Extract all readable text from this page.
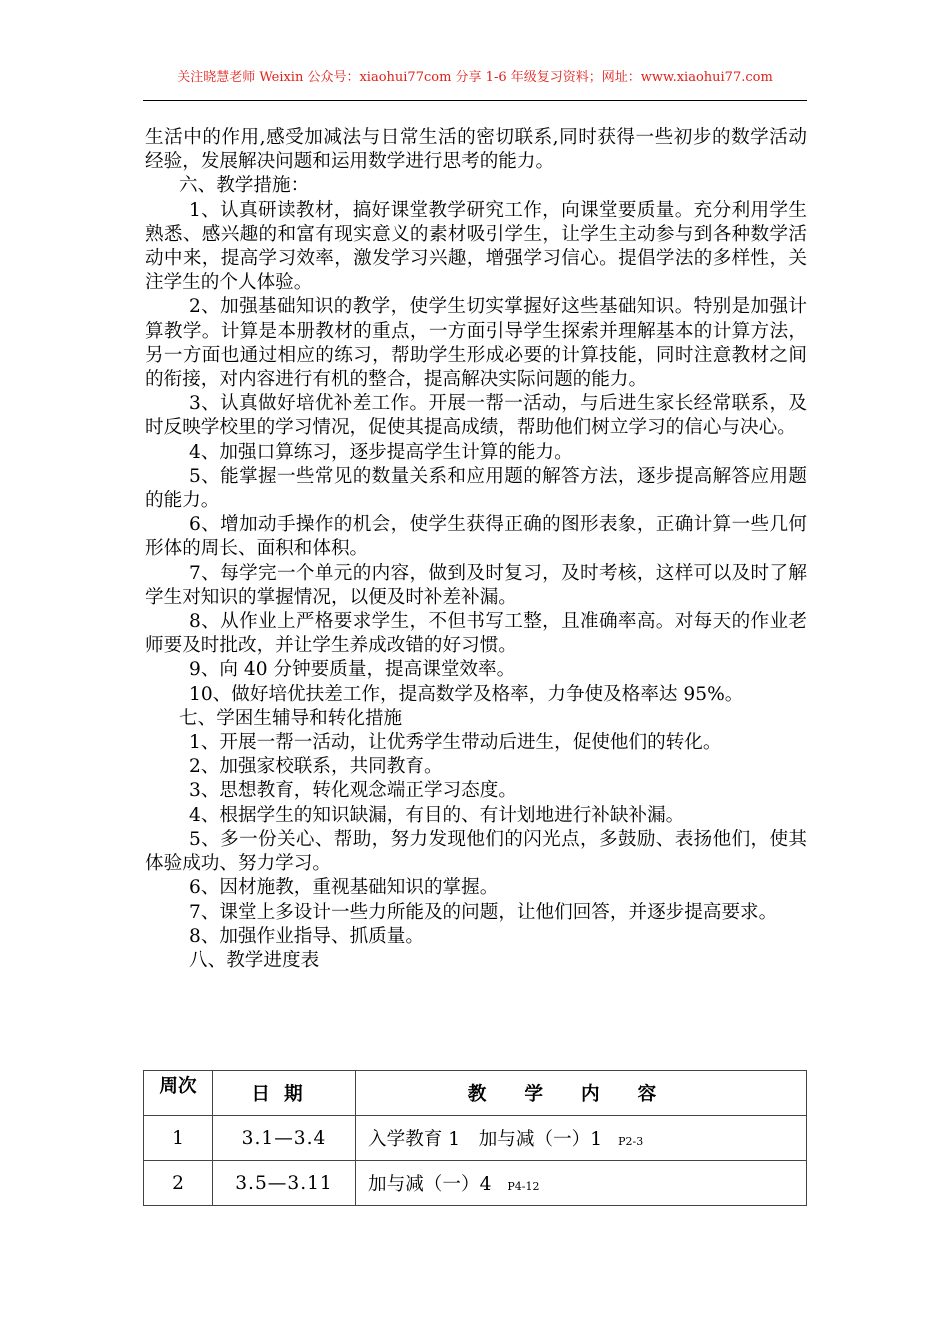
关注晓慧老师 Weixin 公众号：xiaohui77com 分享 1-6 年级复习资料；网址：www.xiaohui77.com

生活中的作用,感受加减法与日常生活的密切联系,同时获得一些初步的数学活动经验，发展解决问题和运用数学进行思考的能力。

六、教学措施：

1、认真研读教材，搞好课堂教学研究工作，向课堂要质量。充分利用学生熟悉、感兴趣的和富有现实意义的素材吸引学生，让学生主动参与到各种数学活动中来，提高学习效率，激发学习兴趣，增强学习信心。提倡学法的多样性，关注学生的个人体验。

2、加强基础知识的教学，使学生切实掌握好这些基础知识。特别是加强计算教学。计算是本册教材的重点，一方面引导学生探索并理解基本的计算方法，另一方面也通过相应的练习，帮助学生形成必要的计算技能，同时注意教材之间的衔接，对内容进行有机的整合，提高解决实际问题的能力。

3、认真做好培优补差工作。开展一帮一活动，与后进生家长经常联系，及时反映学校里的学习情况，促使其提高成绩，帮助他们树立学习的信心与决心。

4、加强口算练习，逐步提高学生计算的能力。

5、能掌握一些常见的数量关系和应用题的解答方法，逐步提高解答应用题的能力。

6、增加动手操作的机会，使学生获得正确的图形表象，正确计算一些几何形体的周长、面积和体积。

7、每学完一个单元的内容，做到及时复习，及时考核，这样可以及时了解学生对知识的掌握情况，以便及时补差补漏。

8、从作业上严格要求学生，不但书写工整，且准确率高。对每天的作业老师要及时批改，并让学生养成改错的好习惯。

9、向 40 分钟要质量，提高课堂效率。

10、做好培优扶差工作，提高数学及格率，力争使及格率达 95%。

七、学困生辅导和转化措施

1、开展一帮一活动，让优秀学生带动后进生，促使他们的转化。

2、加强家校联系，共同教育。

3、思想教育，转化观念端正学习态度。

4、根据学生的知识缺漏，有目的、有计划地进行补缺补漏。

5、多一份关心、帮助，努力发现他们的闪光点，多鼓励、表扬他们，使其体验成功、努力学习。

6、因材施教，重视基础知识的掌握。

7、课堂上多设计一些力所能及的问题，让他们回答，并逐步提高要求。

8、加强作业指导、抓质量。

八、教学进度表

周次	日期	教学内容
1	3.1—3.4	入学教育 1　加与减（一）1 P2-3
2	3.5—3.11	加与减（一）4 P4-12
